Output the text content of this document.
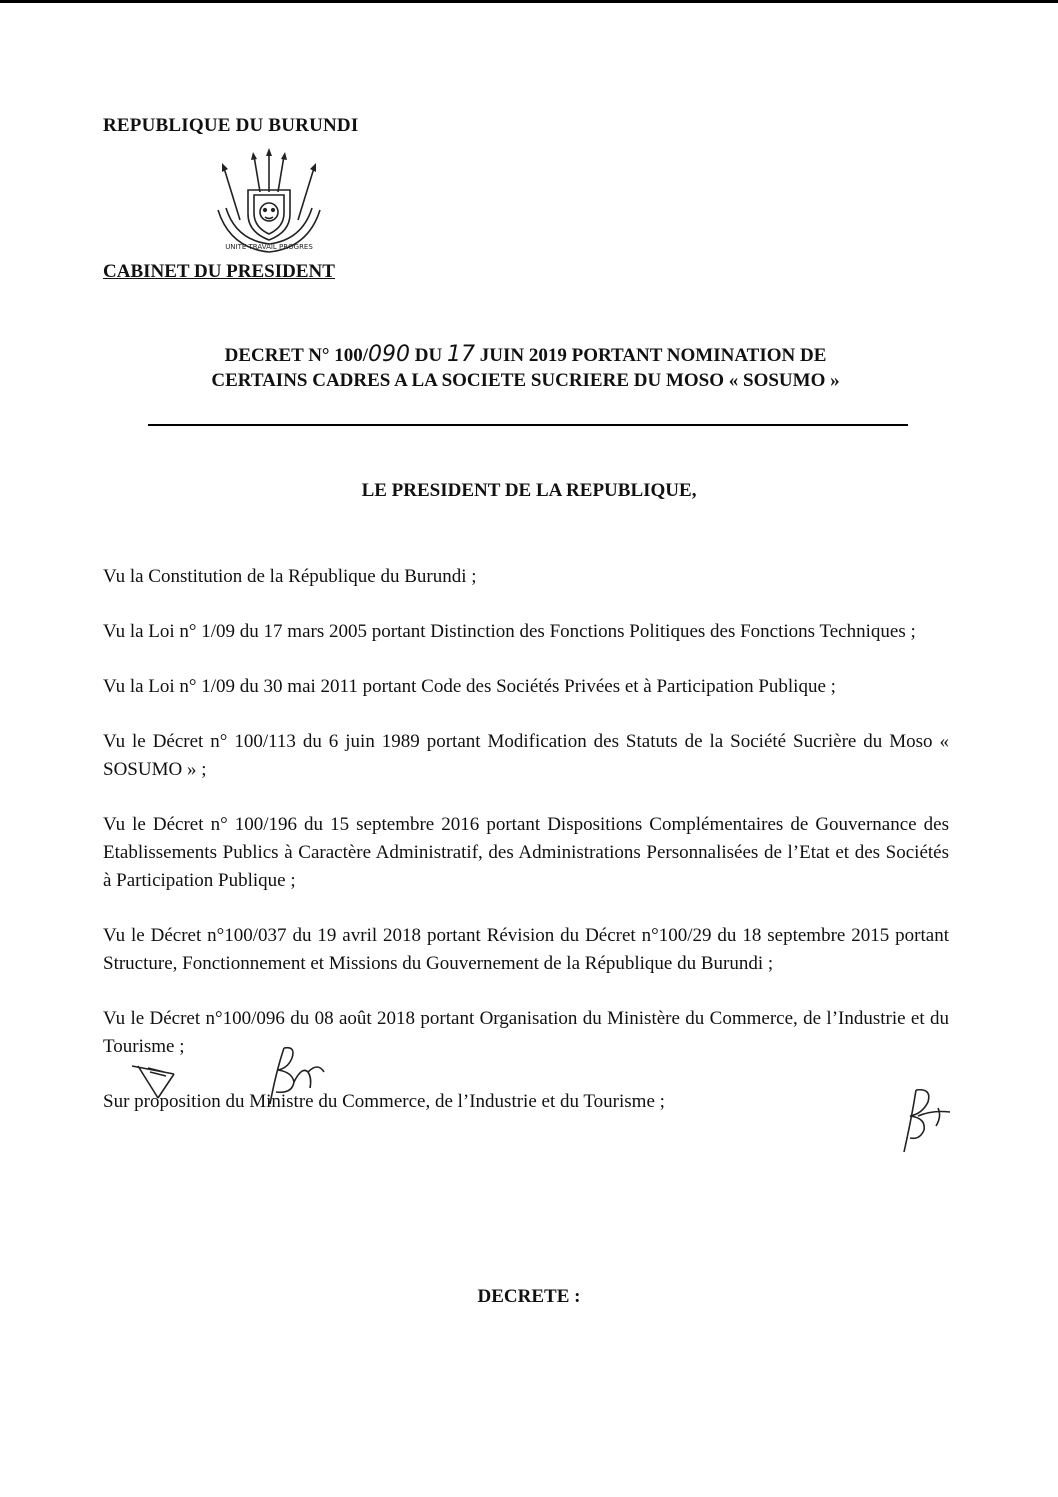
REPUBLIQUE DU BURUNDI
UNITE TRAVAIL PROGRES
CABINET DU PRESIDENT
DECRET N° 100/090 DU 17 JUIN 2019 PORTANT NOMINATION DE
CERTAINS CADRES A LA SOCIETE SUCRIERE DU MOSO « SOSUMO »
LE PRESIDENT DE LA REPUBLIQUE,

Vu la Constitution de la République du Burundi ;

Vu la Loi n° 1/09 du 17 mars 2005 portant Distinction des Fonctions Politiques des Fonctions Techniques ;

Vu la Loi n° 1/09 du 30 mai 2011 portant Code des Sociétés Privées et à Participation Publique ;

Vu le Décret n° 100/113 du 6 juin 1989 portant Modification des Statuts de la Société Sucrière du Moso « SOSUMO » ;

Vu le Décret n° 100/196 du 15 septembre 2016 portant Dispositions Complémentaires de Gouvernance des Etablissements Publics à Caractère Administratif, des Administrations Personnalisées de l’Etat et des Sociétés à Participation Publique ;

Vu le Décret n°100/037 du 19 avril 2018 portant Révision du Décret n°100/29 du 18 septembre 2015 portant Structure, Fonctionnement et Missions du Gouvernement de la République du Burundi ;

Vu le Décret n°100/096 du 08 août 2018 portant Organisation du Ministère du Commerce, de l’Industrie et du Tourisme ;

Sur proposition du Ministre du Commerce, de l’Industrie et du Tourisme ;

DECRETE :
